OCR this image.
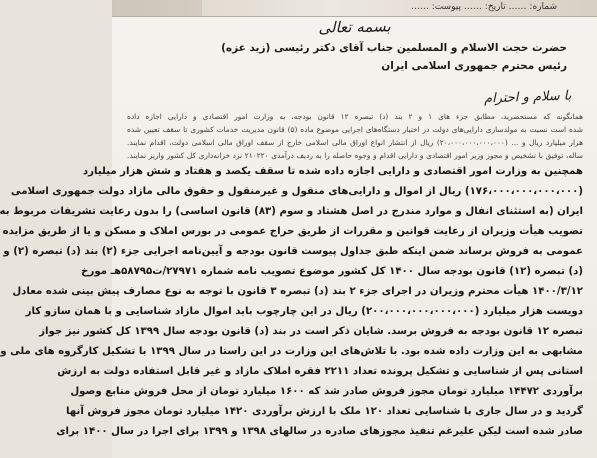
شماره: …… تاریخ: …… پیوست: ……
بسمه تعالی
حضرت حجت الاسلام و المسلمین جناب آقای دکتر رئیسی (زید عزه)
رئیس محترم جمهوری اسلامی ایران
با سلام و احترام
همانگونه که مستحضرید، مطابق جزء های ۱ و ۲ بند (د) تبصره ۱۲ قانون بودجه، به وزارت امور اقتصادی و دارایی اجازه داده
شده است نسبت به مولدسازی دارایی‌های دولت در اختیار دستگاه‌های اجرایی موضوع ماده (۵) قانون مدیریت خدمات کشوری تا سقف تعیین شده
هزار میلیارد ریال و ... (۲۰،۰۰۰،۰۰۰،۰۰۰،۰۰۰) ریال از انتشار انواع اوراق مالی اسلامی خارج از سقف اوراق مالی اسلامی دولت، اقدام نمایند.
ساله، توفیق با تشخیص و مجوز وزیر امور اقتصادی و دارایی اقدام و وجوه حاصله را به ردیف درآمدی ۲۱۰۲۲۰ نزد خزانه‌داری کل کشور واریز نمایند.
همچنین به وزارت امور اقتصادی و دارایی اجازه داده شده تا سقف یکصد و هفتاد و شش هزار میلیارد
(۱۷۶،۰۰۰،۰۰۰،۰۰۰،۰۰۰) ریال از اموال و دارایی‌های منقول و غیرمنقول و حقوق مالی مازاد دولت جمهوری اسلامی
ایران (به استثنای انفال و موارد مندرج در اصل هشتاد و سوم (۸۳) قانون اساسی) را بدون رعایت تشریفات مربوط به
تصویب هیأت وزیران از رعایت قوانین و مقررات از طریق حراج عمومی در بورس املاک و مسکن و یا از طریق مزایده
عمومی به فروش برساند ضمن اینکه طبق جداول پیوست قانون بودجه و آیین‌نامه اجرایی جزء (۲) بند (د) تبصره (۲) و
(د) تبصره (۱۲) قانون بودجه سال ۱۴۰۰ کل کشور موضوع تصویب نامه شماره ۲۷۹۷۱/ت۵۸۷۹۵هـ مورخ
۱۴۰۰/۳/۱۲ هیأت محترم وزیران در اجرای جزء ۲ بند (د) تبصره ۳ قانون با توجه به نوع مصارف پیش بینی شده معادل
دویست هزار میلیارد (۲۰۰،۰۰۰،۰۰۰،۰۰۰،۰۰۰) ریال در این چارچوب باید اموال مازاد شناسایی و با همان سازو کار
تبصره ۱۲ قانون بودجه به فروش برسد. شایان ذکر است در بند (د) قانون بودجه سال ۱۳۹۹ کل کشور نیز جواز
مشابهی به این وزارت داده شده بود. با تلاش‌های این وزارت در این راستا در سال ۱۳۹۹ با تشکیل کارگروه های ملی و
استانی پس از شناسایی و تشکیل پرونده تعداد ۲۲۱۱ فقره املاک مازاد و غیر قابل استفاده دولت به ارزش
برآوردی ۱۴۴۷۲ میلیارد تومان مجوز فروش صادر شد که ۱۶۰۰ میلیارد تومان از محل فروش منابع وصول
گردید و در سال جاری با شناسایی تعداد ۱۲۰ ملک با ارزش برآوردی ۱۴۲۰ میلیارد تومان مجوز فروش آنها
صادر شده است لیکن علیرغم تنفیذ مجوزهای صادره در سالهای ۱۳۹۸ و ۱۳۹۹ برای اجرا در سال ۱۴۰۰ برای
